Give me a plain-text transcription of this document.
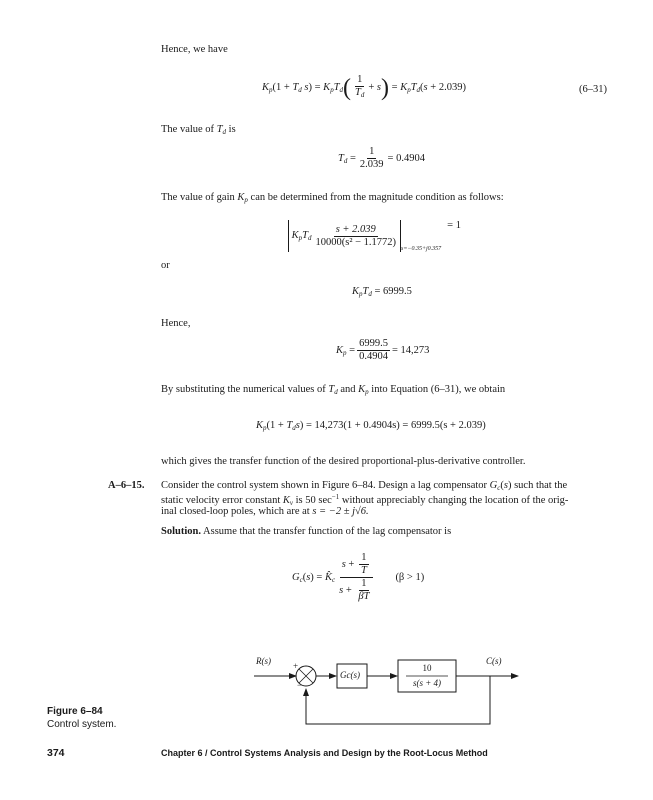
Hence, we have
$K_p(1 + T_d$ $s) = K_pT_d$ ( $\frac{1}{T_d} + s$ ) = $K_pT_d(s + 2.039)$	(6–31)
The value of $T_d$ is
$T_d = \frac{1}{2.039} = 0.4904$
The value of gain $K_p$ can be determined from the magnitude condition as follows:
$K_pT_d \frac{s + 2.039}{\text{10000(s² − 1.1772)}}$
s=−0.35+j0.357
= 1
or
$K_pT_d = 6999.5$
Hence,
$K_p = \frac{6999.5}{0.4904} = 14,273$
By substituting the numerical values of $T_d$ and $K_p$ into Equation (6–31), we obtain
$K_p(1 + T_ds) = 14,273(1 + 0.4904s) = 6999.5(s + 2.039)$
which gives the transfer function of the desired proportional-plus-derivative controller.
A–6–15. Consider the control system shown in Figure 6–84. Design a lag compensator $G_c(s)$ such that the
static velocity error constant $K_v$ is 50 $\sec^{-1}$ without appreciably changing the location of the orig-
inal closed-loop poles, which are at s = −2 ± j√6.
Solution. Assume that the transfer function of the lag compensator is
$G_c(s)$ = $K̂_c \frac{s + \frac{1}{T}}{s + \frac{1}{\beta T}} (\beta > 1)$
R(s)	C(s)
+
−
Gc(s)
10
s(s + 4)
Figure 6–84
Control system.
374	Chapter 6 / Control Systems Analysis and Design by the Root-Locus Method
